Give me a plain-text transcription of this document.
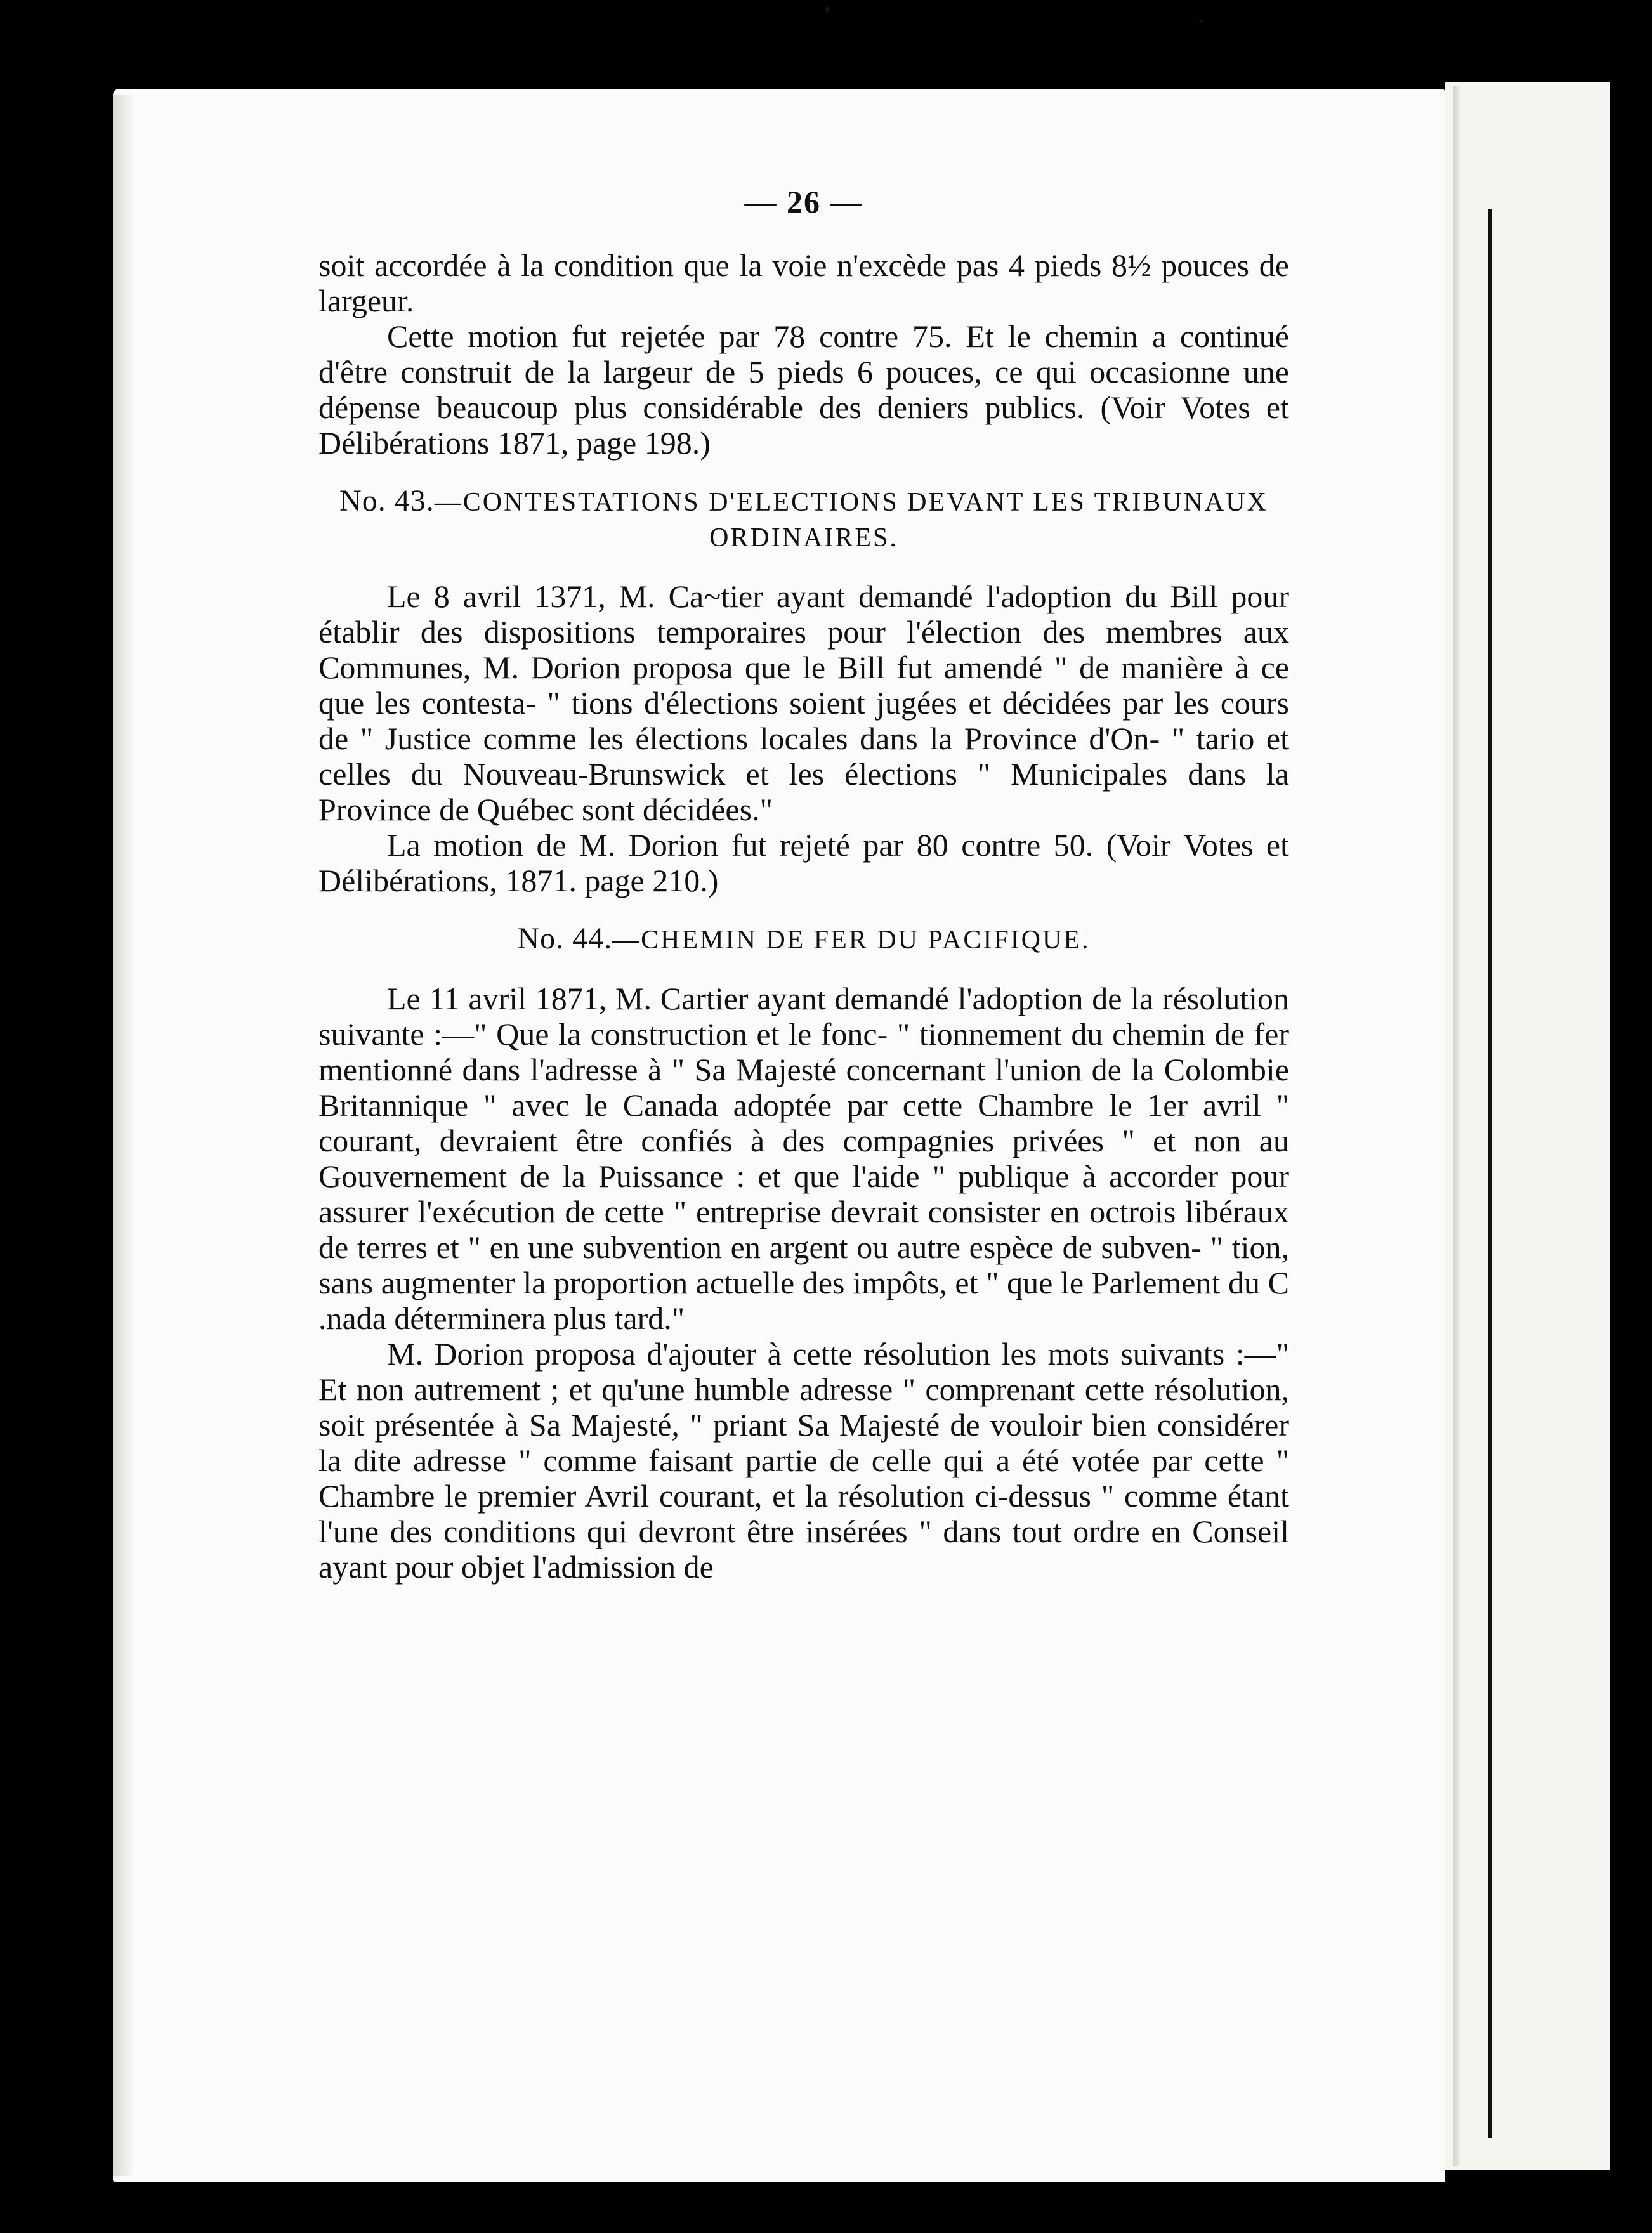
— 26 —

soit accordée à la condition que la voie n'excède pas 4 pieds 8½ pouces de largeur.

Cette motion fut rejetée par 78 contre 75. Et le chemin a continué d'être construit de la largeur de 5 pieds 6 pouces, ce qui occasionne une dépense beaucoup plus considérable des deniers publics. (Voir Votes et Délibérations 1871, page 198.)

No. 43.—CONTESTATIONS D'ELECTIONS DEVANT LES TRIBUNAUX ORDINAIRES.

Le 8 avril 1371, M. Ca~tier ayant demandé l'adoption du Bill pour établir des dispositions temporaires pour l'élection des membres aux Communes, M. Dorion proposa que le Bill fut amendé " de manière à ce que les contesta- " tions d'élections soient jugées et décidées par les cours de " Justice comme les élections locales dans la Province d'On- " tario et celles du Nouveau-Brunswick et les élections " Municipales dans la Province de Québec sont décidées."

La motion de M. Dorion fut rejeté par 80 contre 50. (Voir Votes et Délibérations, 1871. page 210.)

No. 44.—CHEMIN DE FER DU PACIFIQUE.

Le 11 avril 1871, M. Cartier ayant demandé l'adoption de la résolution suivante :—" Que la construction et le fonc- " tionnement du chemin de fer mentionné dans l'adresse à " Sa Majesté concernant l'union de la Colombie Britannique " avec le Canada adoptée par cette Chambre le 1er avril " courant, devraient être confiés à des compagnies privées " et non au Gouvernement de la Puissance : et que l'aide " publique à accorder pour assurer l'exécution de cette " entreprise devrait consister en octrois libéraux de terres et " en une subvention en argent ou autre espèce de subven- " tion, sans augmenter la proportion actuelle des impôts, et " que le Parlement du C .nada déterminera plus tard."

M. Dorion proposa d'ajouter à cette résolution les mots suivants :—" Et non autrement ; et qu'une humble adresse " comprenant cette résolution, soit présentée à Sa Majesté, " priant Sa Majesté de vouloir bien considérer la dite adresse " comme faisant partie de celle qui a été votée par cette " Chambre le premier Avril courant, et la résolution ci-dessus " comme étant l'une des conditions qui devront être insérées " dans tout ordre en Conseil ayant pour objet l'admission de
